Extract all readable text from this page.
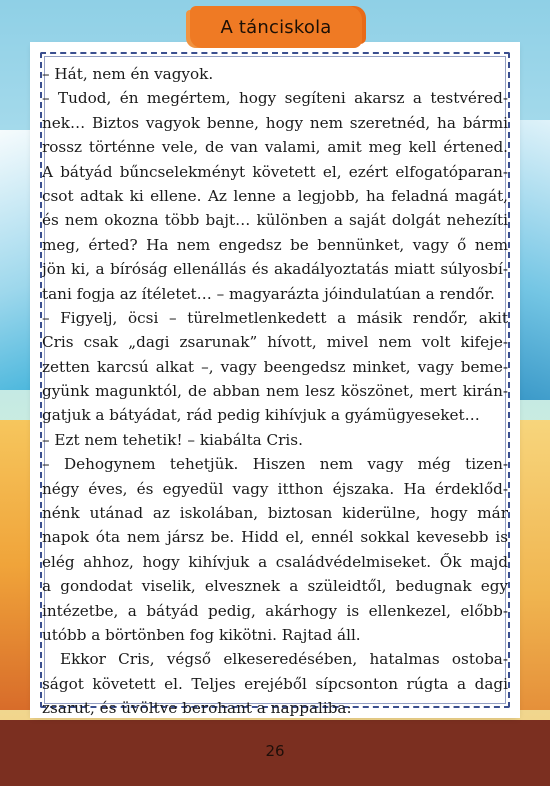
A tánciskola
– Hát, nem én vagyok.
– Tudod, én megértem, hogy segíteni akarsz a testvéred-
nek… Biztos vagyok benne, hogy nem szeretnéd, ha bármi
rossz történne vele, de van valami, amit meg kell értened.
A bátyád bűncselekményt követett el, ezért elfogatóparan-
csot adtak ki ellene. Az lenne a legjobb, ha feladná magát,
és nem okozna több bajt… különben a saját dolgát nehezíti
meg, érted? Ha nem engedsz be bennünket, vagy ő nem
jön ki, a bíróság ellenállás és akadályoztatás miatt súlyosbí-
tani fogja az ítéletet… – magyarázta jóindulatúan a rendőr.
– Figyelj, öcsi – türelmetlenkedett a másik rendőr, akit
Cris csak „dagi zsarunak” hívott, mivel nem volt kifeje-
zetten karcsú alkat –, vagy beengedsz minket, vagy beme-
gyünk magunktól, de abban nem lesz köszönet, mert kirán-
gatjuk a bátyádat, rád pedig kihívjuk a gyámügyeseket…
– Ezt nem tehetik! – kiabálta Cris.
– Dehogynem tehetjük. Hiszen nem vagy még tizen-
négy éves, és egyedül vagy itthon éjszaka. Ha érdeklőd-
nénk utánad az iskolában, biztosan kiderülne, hogy már
napok óta nem jársz be. Hidd el, ennél sokkal kevesebb is
elég ahhoz, hogy kihívjuk a családvédelmiseket. Ők majd
a gondodat viselik, elvesznek a szüleidtől, bedugnak egy
intézetbe, a bátyád pedig, akárhogy is ellenkezel, előbb-
utóbb a börtönben fog kikötni. Rajtad áll.
Ekkor Cris, végső elkeseredésében, hatalmas ostoba-
ságot követett el. Teljes erejéből sípcsonton rúgta a dagi
zsarut, és üvöltve berohant a nappaliba:
26
